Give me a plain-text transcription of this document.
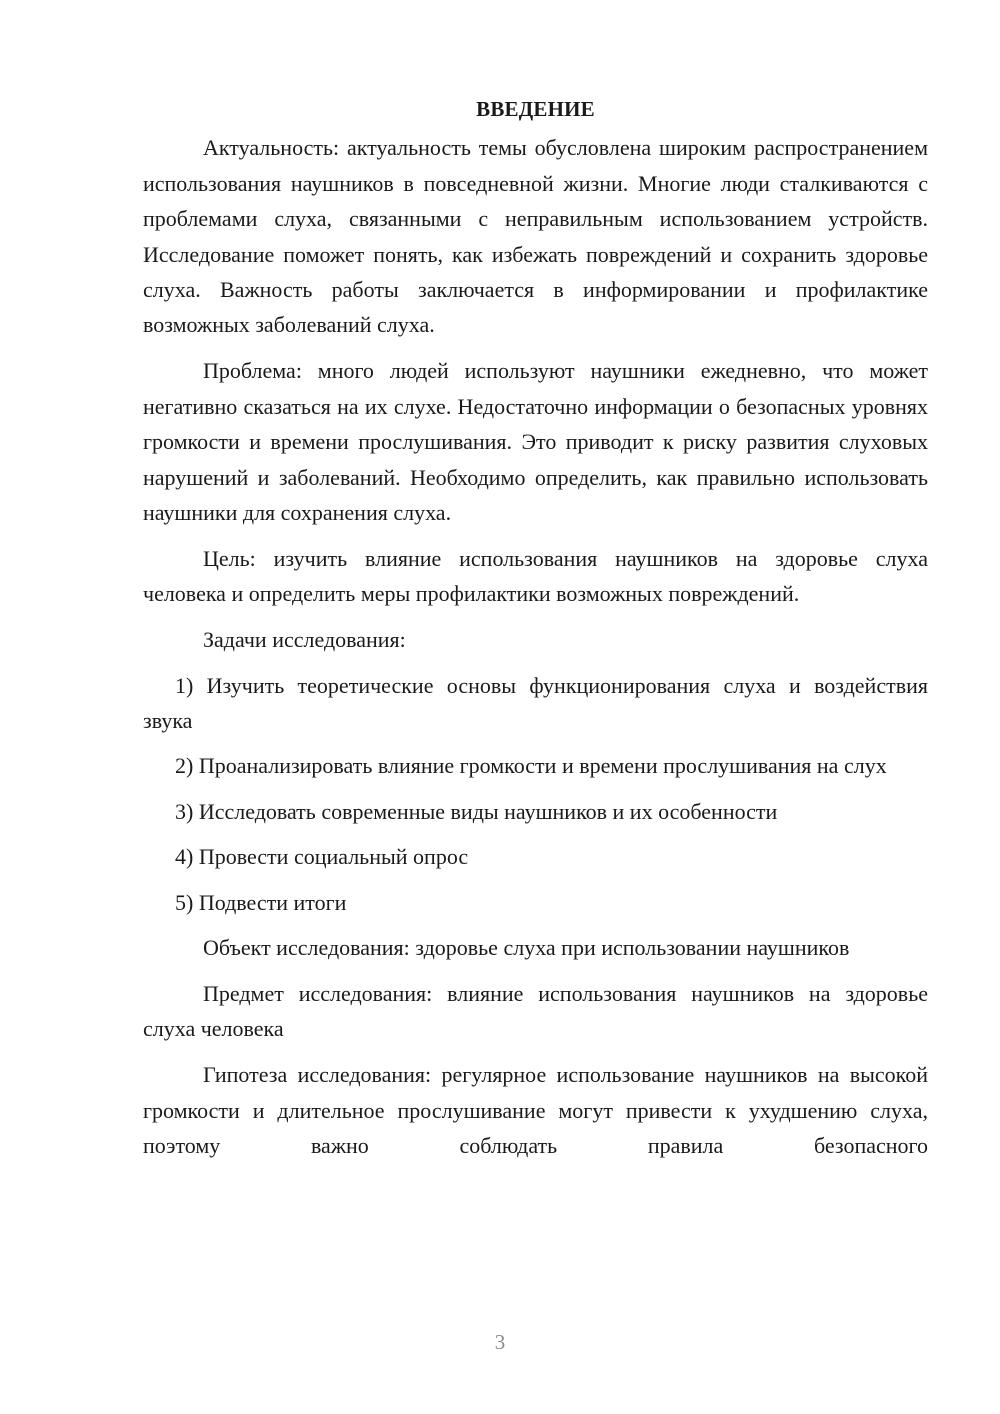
ВВЕДЕНИЕ

Актуальность: актуальность темы обусловлена широким распространением использования наушников в повседневной жизни. Многие люди сталкиваются с проблемами слуха, связанными с неправильным использованием устройств. Исследование поможет понять, как избежать повреждений и сохранить здоровье слуха. Важность работы заключается в информировании и профилактике возможных заболеваний слуха.

Проблема: много людей используют наушники ежедневно, что может негативно сказаться на их слухе. Недостаточно информации о безопасных уровнях громкости и времени прослушивания. Это приводит к риску развития слуховых нарушений и заболеваний. Необходимо определить, как правильно использовать наушники для сохранения слуха.

Цель: изучить влияние использования наушников на здоровье слуха человека и определить меры профилактики возможных повреждений.

Задачи исследования:

1) Изучить теоретические основы функционирования слуха и воздействия звука

2) Проанализировать влияние громкости и времени прослушивания на слух

3) Исследовать современные виды наушников и их особенности

4) Провести социальный опрос

5) Подвести итоги

Объект исследования: здоровье слуха при использовании наушников

Предмет исследования: влияние использования наушников на здоровье слуха человека

Гипотеза исследования: регулярное использование наушников на высокой громкости и длительное прослушивание могут привести к ухудшению слуха, поэтому важно соблюдать правила безопасного

3
